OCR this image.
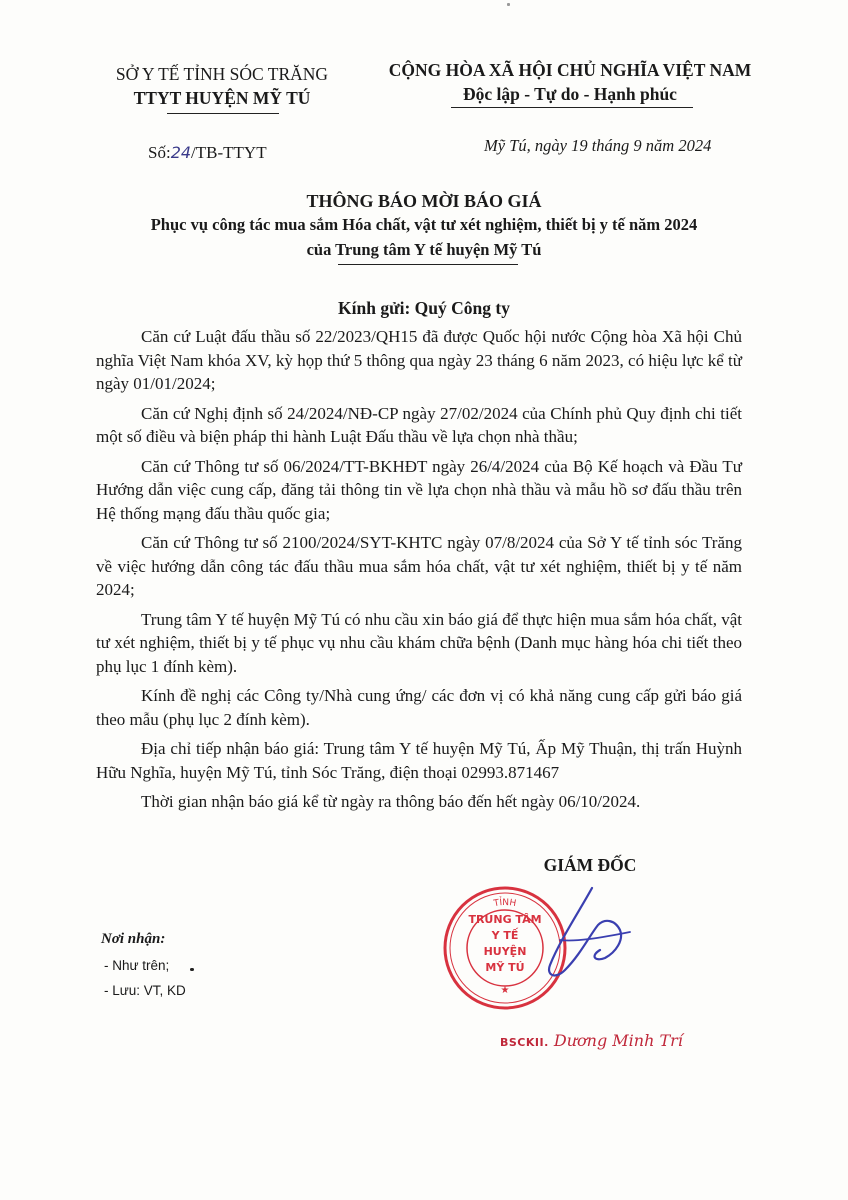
SỞ Y TẾ TỈNH SÓC TRĂNG
TTYT HUYỆN MỸ TÚ
CỘNG HÒA XÃ HỘI CHỦ NGHĨA VIỆT NAM
Độc lập - Tự do - Hạnh phúc
Số:24/TB-TTYT	Mỹ Tú, ngày 19 tháng 9 năm 2024
THÔNG BÁO MỜI BÁO GIÁ
Phục vụ công tác mua sắm Hóa chất, vật tư xét nghiệm, thiết bị y tế năm 2024
của Trung tâm Y tế huyện Mỹ Tú
Kính gửi: Quý Công ty

Căn cứ Luật đấu thầu số 22/2023/QH15 đã được Quốc hội nước Cộng hòa Xã hội Chủ nghĩa Việt Nam khóa XV, kỳ họp thứ 5 thông qua ngày 23 tháng 6 năm 2023, có hiệu lực kể từ ngày 01/01/2024;

Căn cứ Nghị định số 24/2024/NĐ-CP ngày 27/02/2024 của Chính phủ Quy định chi tiết một số điều và biện pháp thi hành Luật Đấu thầu về lựa chọn nhà thầu;

Căn cứ Thông tư số 06/2024/TT-BKHĐT ngày 26/4/2024 của Bộ Kế hoạch và Đầu Tư Hướng dẫn việc cung cấp, đăng tải thông tin về lựa chọn nhà thầu và mẫu hồ sơ đấu thầu trên Hệ thống mạng đấu thầu quốc gia;

Căn cứ Thông tư số 2100/2024/SYT-KHTC ngày 07/8/2024 của Sở Y tế tỉnh sóc Trăng về việc hướng dẫn công tác đấu thầu mua sắm hóa chất, vật tư xét nghiệm, thiết bị y tế năm 2024;

Trung tâm Y tế huyện Mỹ Tú có nhu cầu xin báo giá để thực hiện mua sắm hóa chất, vật tư xét nghiệm, thiết bị y tế phục vụ nhu cầu khám chữa bệnh (Danh mục hàng hóa chi tiết theo phụ lục 1 đính kèm).

Kính đề nghị các Công ty/Nhà cung ứng/ các đơn vị có khả năng cung cấp gửi báo giá theo mẫu (phụ lục 2 đính kèm).

Địa chỉ tiếp nhận báo giá: Trung tâm Y tế huyện Mỹ Tú, Ấp Mỹ Thuận, thị trấn Huỳnh Hữu Nghĩa, huyện Mỹ Tú, tỉnh Sóc Trăng, điện thoại 02993.871467

Thời gian nhận báo giá kể từ ngày ra thông báo đến hết ngày 06/10/2024.

GIÁM ĐỐC
TỈNH
TRUNG TÂM
Y TẾ
HUYỆN
MỸ TÚ
★
BSCKII. Dương Minh Trí
Nơi nhận:
- Như trên;
- Lưu: VT, KD
